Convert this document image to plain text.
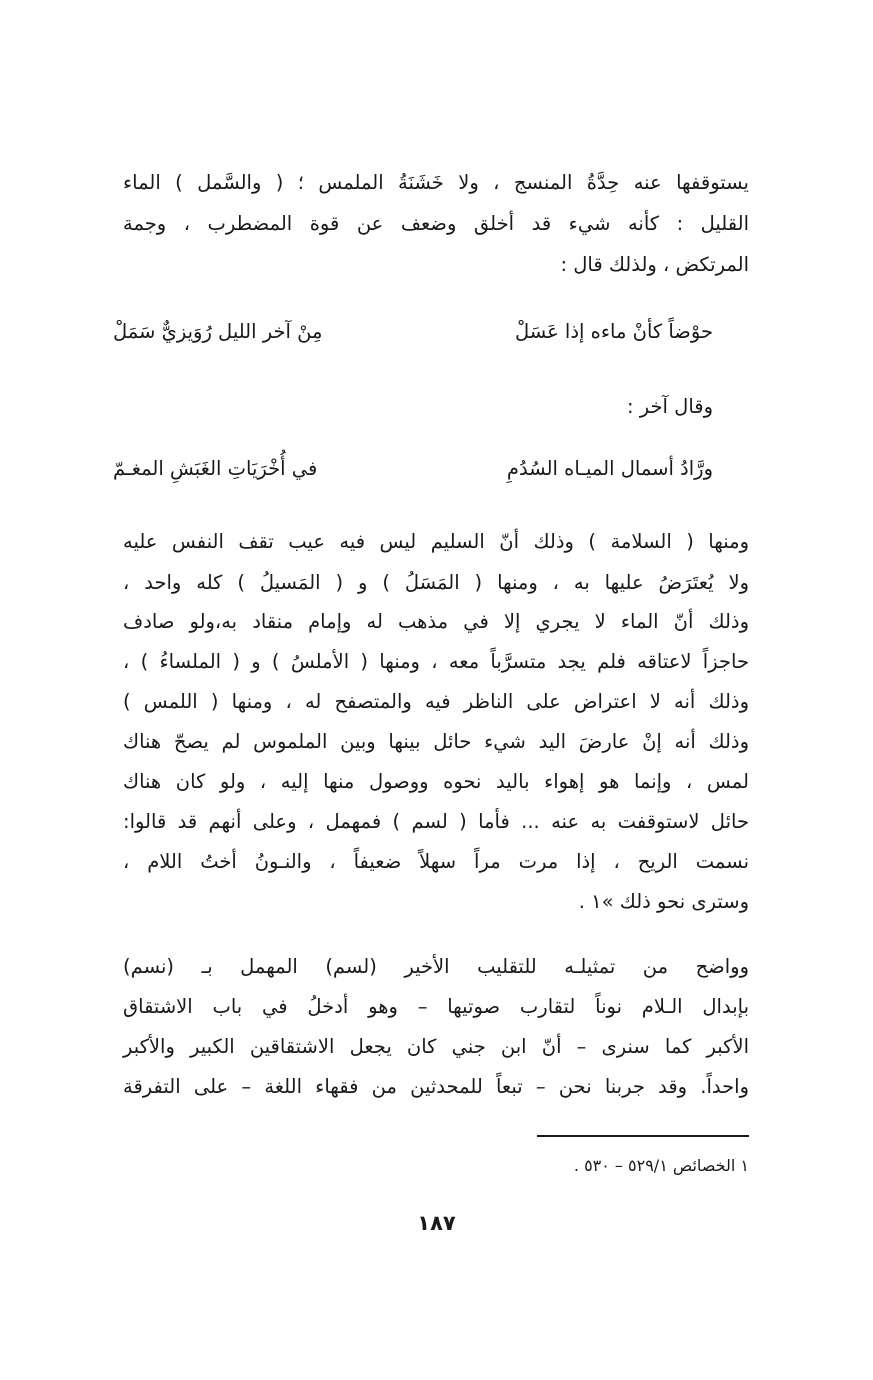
يستوقفها عنه حِدَّةُ المنسج ، ولا خَشَنَةُ الملمس ؛ ( والسَّمل ) الماء
القليل : كأنه شيء قد أخلق وضعف عن قوة المضطرب ، وجمة
المرتكض ، ولذلك قال :
حوْضاً كأنْ ماءه إذا عَسَلْ
مِنْ آخر الليل رُوَيزيٌّ سَمَلْ
وقال آخر :
ورَّادُ أسمال الميـاه السُدُمِ
في أُخْرَيَاتِ الغَبَشِ المغـمّ
ومنها ( السلامة ) وذلك أنّ السليم ليس فيه عيب تقف النفس عليه
ولا يُعتَرَضُ عليها به ، ومنها ( المَسَلُ ) و ( المَسيلُ ) كله واحد ،
وذلك أنّ الماء لا يجري إلا في مذهب له وإمام منقاد به،ولو صادف
حاجزاً لاعتاقه فلم يجد متسرَّباً معه ، ومنها ( الأملسُ ) و ( الملساءُ ) ،
وذلك أنه لا اعتراض على الناظر فيه والمتصفح له ، ومنها ( اللمس )
وذلك أنه إنْ عارضَ اليد شيء حائل بينها وبين الملموس لم يصحّ هناك
لمس ، وإنما هو إهواء باليد نحوه ووصول منها إليه ، ولو كان هناك
حائل لاستوقفت به عنه ... فأما ( لسم ) فمهمل ، وعلى أنهم قد قالوا:
نسمت الريح ، إذا مرت مراً سهلاً ضعيفاً ، والنـونُ أختُ اللام ،
وسترى نحو ذلك »١ .
وواضح من تمثيلـه للتقليب الأخير (لسم) المهمل بـ (نسم)
بإبدال الـلام نوناً لتقارب صوتيها – وهو أدخلُ في باب الاشتقاق
الأكبر كما سنرى – أنّ ابن جني كان يجعل الاشتقاقين الكبير والأكبر
واحداً. وقد جربنا نحن – تبعاً للمحدثين من فقهاء اللغة – على التفرقة
١ الخصائص ٥٢٩/١ – ٥٣٠ .
١٨٧
